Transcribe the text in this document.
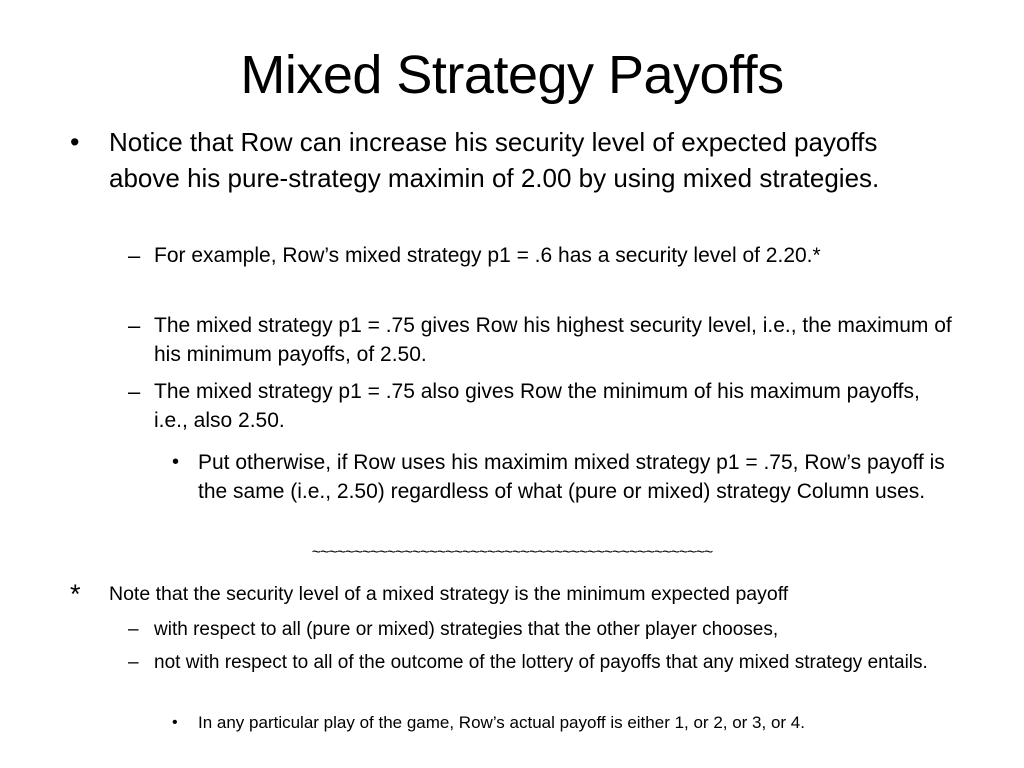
Mixed Strategy Payoffs
• Notice that Row can increase his security level of expected payoffs above his pure-strategy maximin of 2.00 by using mixed strategies.
– For example, Row’s mixed strategy p1 = .6 has a security level of 2.20.*
– The mixed strategy p1 = .75 gives Row his highest security level, i.e., the maximum of his minimum payoffs, of 2.50.
– The mixed strategy p1 = .75 also gives Row the minimum of his maximum payoffs, i.e., also 2.50.
• Put otherwise, if Row uses his maximim mixed strategy p1 = .75, Row’s payoff is the same (i.e., 2.50) regardless of what (pure or mixed) strategy Column uses.
~~~~~~~~~~~~~~~~~~~~~~~~~~~~~~~~~~~~~~~~~~~~~~~~
* Note that the security level of a mixed strategy is the minimum expected payoff
– with respect to all (pure or mixed) strategies that the other player chooses,
– not with respect to all of the outcome of the lottery of payoffs that any mixed strategy entails.
• In any particular play of the game, Row’s actual payoff is either 1, or 2, or 3, or 4.
